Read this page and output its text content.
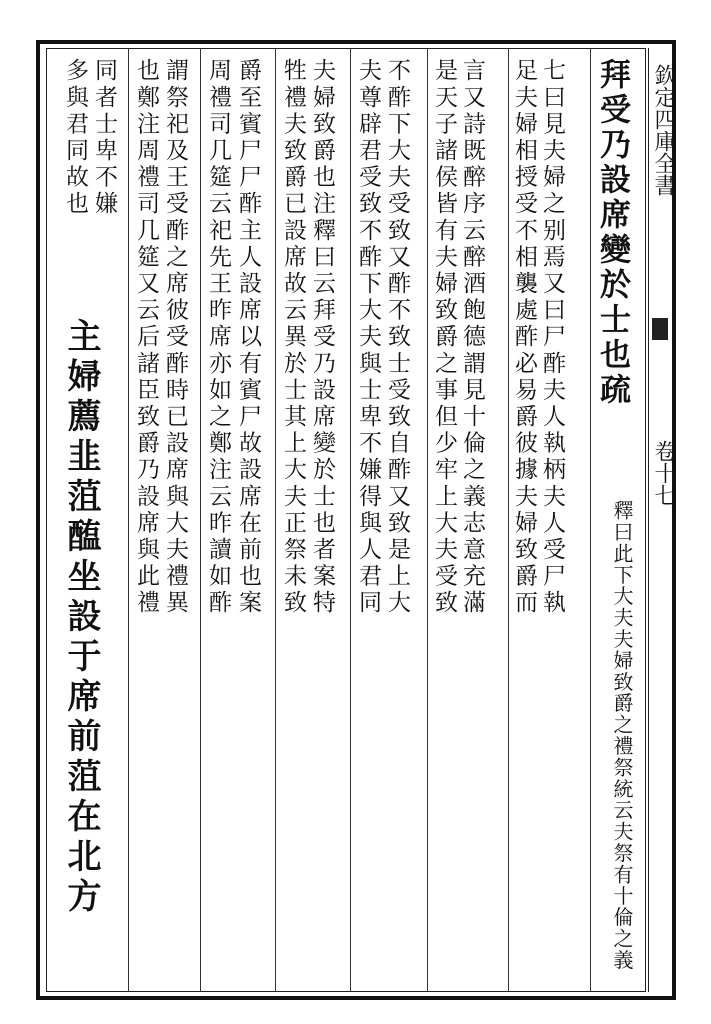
欽定四庫全書
卷十七
拜受乃設席變於士也疏
釋曰此下大夫夫婦致爵之禮祭統云夫祭有十倫之義
七曰見夫婦之别焉又曰尸酢夫人執柄夫人受尸執
足夫婦相授受不相襲處酢必易爵彼據夫婦致爵而
言又詩既醉序云醉酒飽德謂見十倫之義志意充滿
是天子諸侯皆有夫婦致爵之事但少牢上大夫受致
不酢下大夫受致又酢不致士受致自酢又致是上大
夫尊辟君受致不酢下大夫與士卑不嫌得與人君同
夫婦致爵也注釋曰云拜受乃設席變於士也者案特
牲禮夫致爵已設席故云異於士其上大夫正祭未致
爵至賓尸尸酢主人設席以有賓尸故設席在前也案
周禮司几筵云祀先王昨席亦如之鄭注云昨讀如酢
謂祭祀及王受酢之席彼受酢時已設席與大夫禮異
也鄭注周禮司几筵又云后諸臣致爵乃設席與此禮
同者士卑不嫌
多與君同故也
主婦薦韭菹醢坐設于席前菹在北方
